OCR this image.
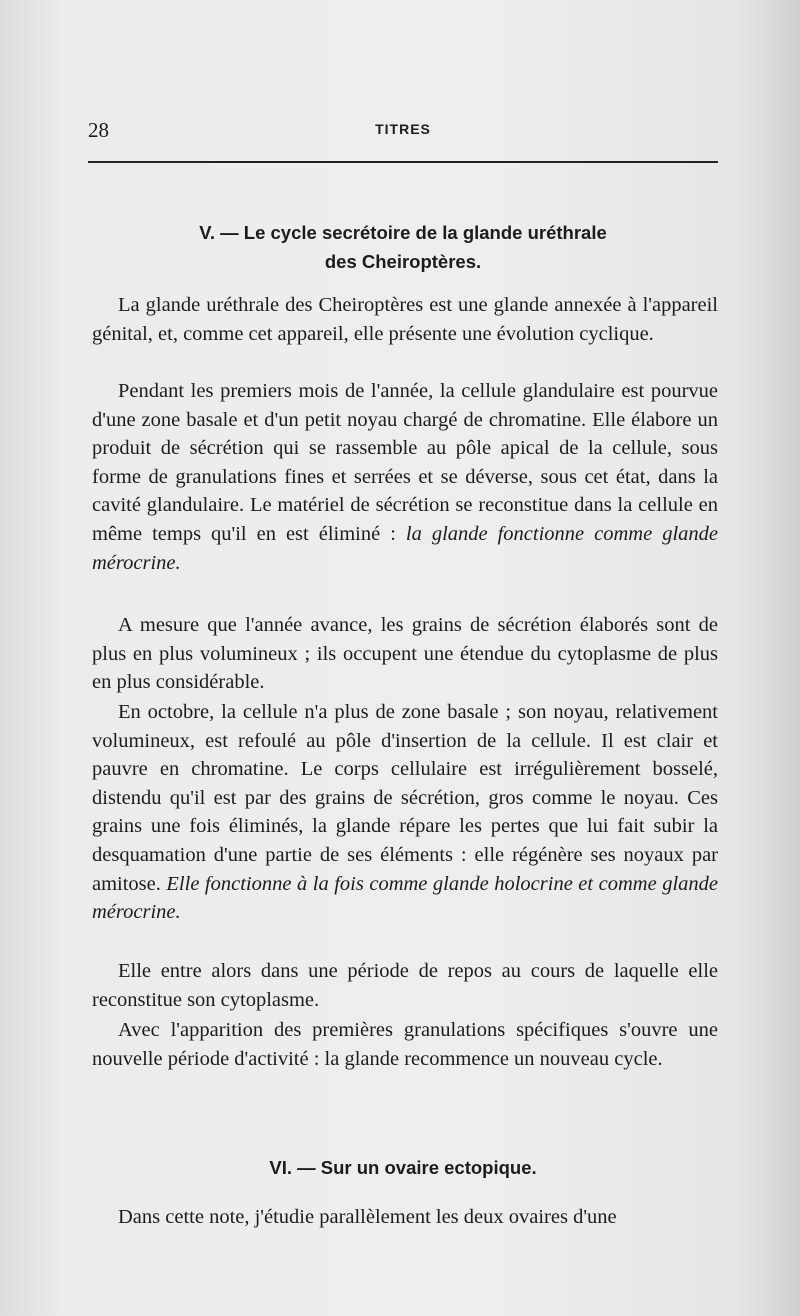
28	TITRES
V. — Le cycle secrétoire de la glande uréthrale
des Cheiroptères.
La glande uréthrale des Cheiroptères est une glande annexée à l'appareil génital, et, comme cet appareil, elle présente une évolution cyclique.
Pendant les premiers mois de l'année, la cellule glandulaire est pourvue d'une zone basale et d'un petit noyau chargé de chromatine. Elle élabore un produit de sécrétion qui se rassemble au pôle apical de la cellule, sous forme de granulations fines et serrées et se déverse, sous cet état, dans la cavité glandulaire. Le matériel de sécrétion se reconstitue dans la cellule en même temps qu'il en est éliminé : la glande fonctionne comme glande mérocrine.
A mesure que l'année avance, les grains de sécrétion élaborés sont de plus en plus volumineux ; ils occupent une étendue du cytoplasme de plus en plus considérable.
En octobre, la cellule n'a plus de zone basale ; son noyau, relativement volumineux, est refoulé au pôle d'insertion de la cellule. Il est clair et pauvre en chromatine. Le corps cellulaire est irrégulièrement bosselé, distendu qu'il est par des grains de sécrétion, gros comme le noyau. Ces grains une fois éliminés, la glande répare les pertes que lui fait subir la desquamation d'une partie de ses éléments : elle régénère ses noyaux par amitose. Elle fonctionne à la fois comme glande holocrine et comme glande mérocrine.
Elle entre alors dans une période de repos au cours de laquelle elle reconstitue son cytoplasme.
Avec l'apparition des premières granulations spécifiques s'ouvre une nouvelle période d'activité : la glande recommence un nouveau cycle.
VI. — Sur un ovaire ectopique.
Dans cette note, j'étudie parallèlement les deux ovaires d'une
